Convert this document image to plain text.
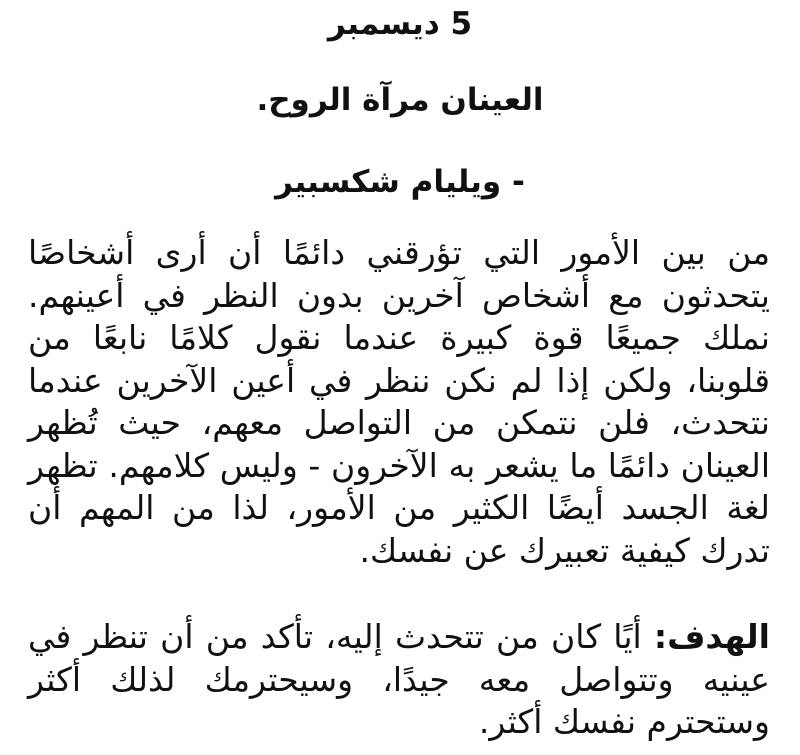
5 ديسمبر
العينان مرآة الروح.
- ويليام شكسبير

من بين الأمور التي تؤرقني دائمًا أن أرى أشخاصًا يتحدثون مع أشخاص آخرين بدون النظر في أعينهم. نملك جميعًا قوة كبيرة عندما نقول كلامًا نابعًا من قلوبنا، ولكن إذا لم نكن ننظر في أعين الآخرين عندما نتحدث، فلن نتمكن من التواصل معهم، حيث تُظهر العينان دائمًا ما يشعر به الآخرون - وليس كلامهم. تظهر لغة الجسد أيضًا الكثير من الأمور، لذا من المهم أن تدرك كيفية تعبيرك عن نفسك.

الهدف: أيًا كان من تتحدث إليه، تأكد من أن تنظر في عينيه وتتواصل معه جيدًا، وسيحترمك لذلك أكثر وستحترم نفسك أكثر.
